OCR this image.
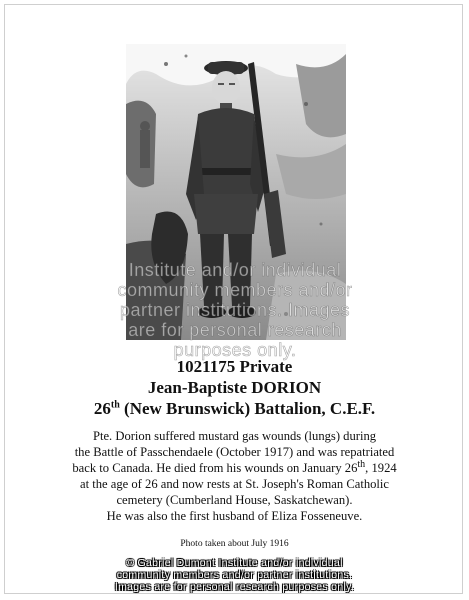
Institute and/or individual
community members and/or
partner institutions. Images
are for personal research
purposes only.
1021175 Private
Jean-Baptiste DORION
26th (New Brunswick) Battalion, C.E.F.
Pte. Dorion suffered mustard gas wounds (lungs) during
the Battle of Passchendaele (October 1917) and was repatriated
back to Canada. He died from his wounds on January 26th, 1924
at the age of 26 and now rests at St. Joseph's Roman Catholic
cemetery (Cumberland House, Saskatchewan).
He was also the first husband of Eliza Fosseneuve.
Photo taken about July 1916
© Gabriel Dumont Institute and/or individual
community members and/or partner institutions.
Images are for personal research purposes only.
